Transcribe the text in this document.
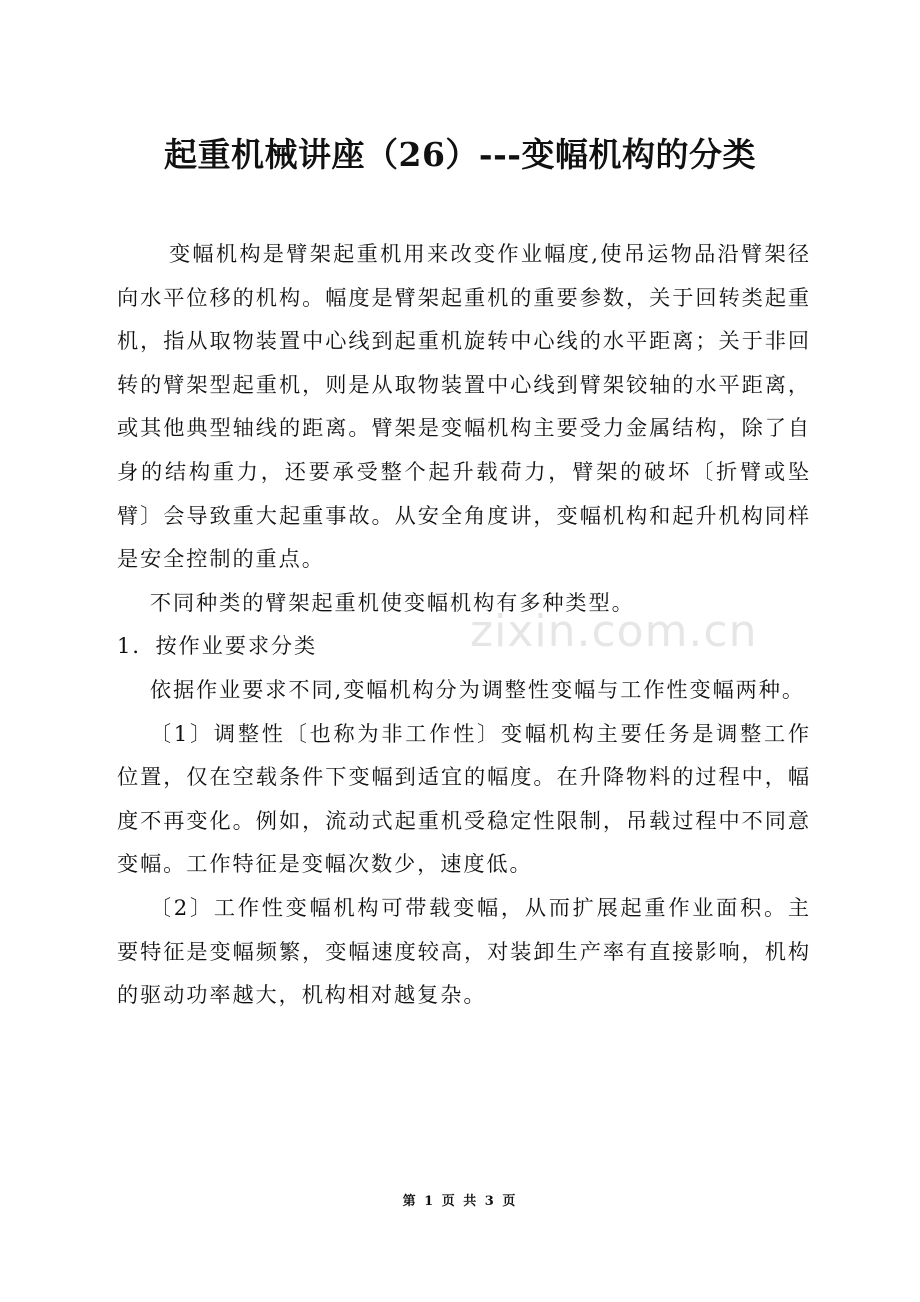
zixin.com.cn
起重机械讲座（26）---变幅机构的分类

变幅机构是臂架起重机用来改变作业幅度,使吊运物品沿臂架径向水平位移的机构。幅度是臂架起重机的重要参数，关于回转类起重机，指从取物装置中心线到起重机旋转中心线的水平距离；关于非回转的臂架型起重机，则是从取物装置中心线到臂架铰轴的水平距离，或其他典型轴线的距离。臂架是变幅机构主要受力金属结构，除了自身的结构重力，还要承受整个起升载荷力，臂架的破坏〔折臂或坠臂〕会导致重大起重事故。从安全角度讲，变幅机构和起升机构同样是安全控制的重点。

不同种类的臂架起重机使变幅机构有多种类型。

1．按作业要求分类

依据作业要求不同,变幅机构分为调整性变幅与工作性变幅两种。

〔1〕调整性〔也称为非工作性〕变幅机构主要任务是调整工作位置，仅在空载条件下变幅到适宜的幅度。在升降物料的过程中，幅度不再变化。例如，流动式起重机受稳定性限制，吊载过程中不同意变幅。工作特征是变幅次数少，速度低。

〔2〕工作性变幅机构可带载变幅，从而扩展起重作业面积。主要特征是变幅频繁，变幅速度较高，对装卸生产率有直接影响，机构的驱动功率越大，机构相对越复杂。

第 1 页 共 3 页
